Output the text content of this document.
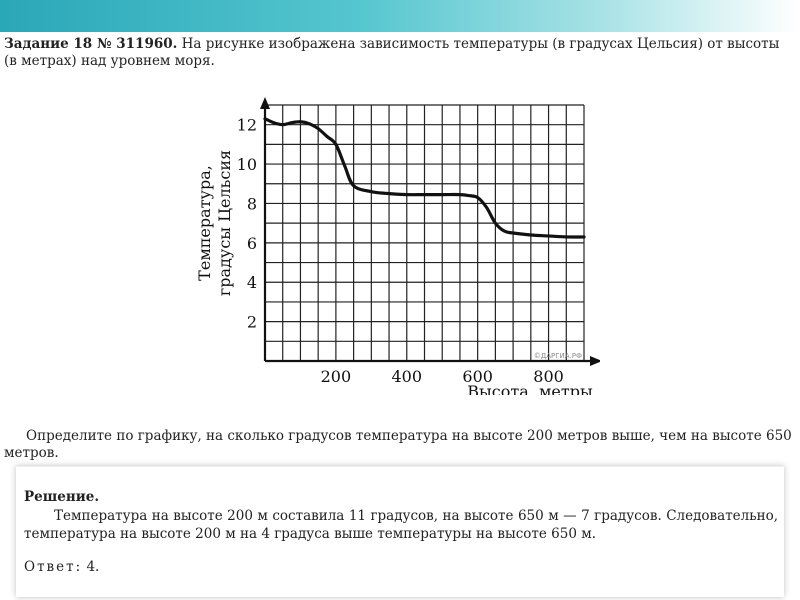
Задание 18 № 311960. На рисунке изображена зависимость температуры (в градусах Цельсия) от высоты (в метрах) над уровнем моря.
2
4
6
8
10
12
200	400	600	800
Высота, метры
Температура, градусы Цельсия
©ДАРГИА.РФ
Определите по графику, на сколько градусов температура на высоте 200 метров выше, чем на высоте 650 метров.
Решение.
Температура на высоте 200 м составила 11 градусов, на высоте 650 м — 7 градусов. Следовательно, температура на высоте 200 м на 4 градуса выше температуры на высоте 650 м.
Ответ: 4.
